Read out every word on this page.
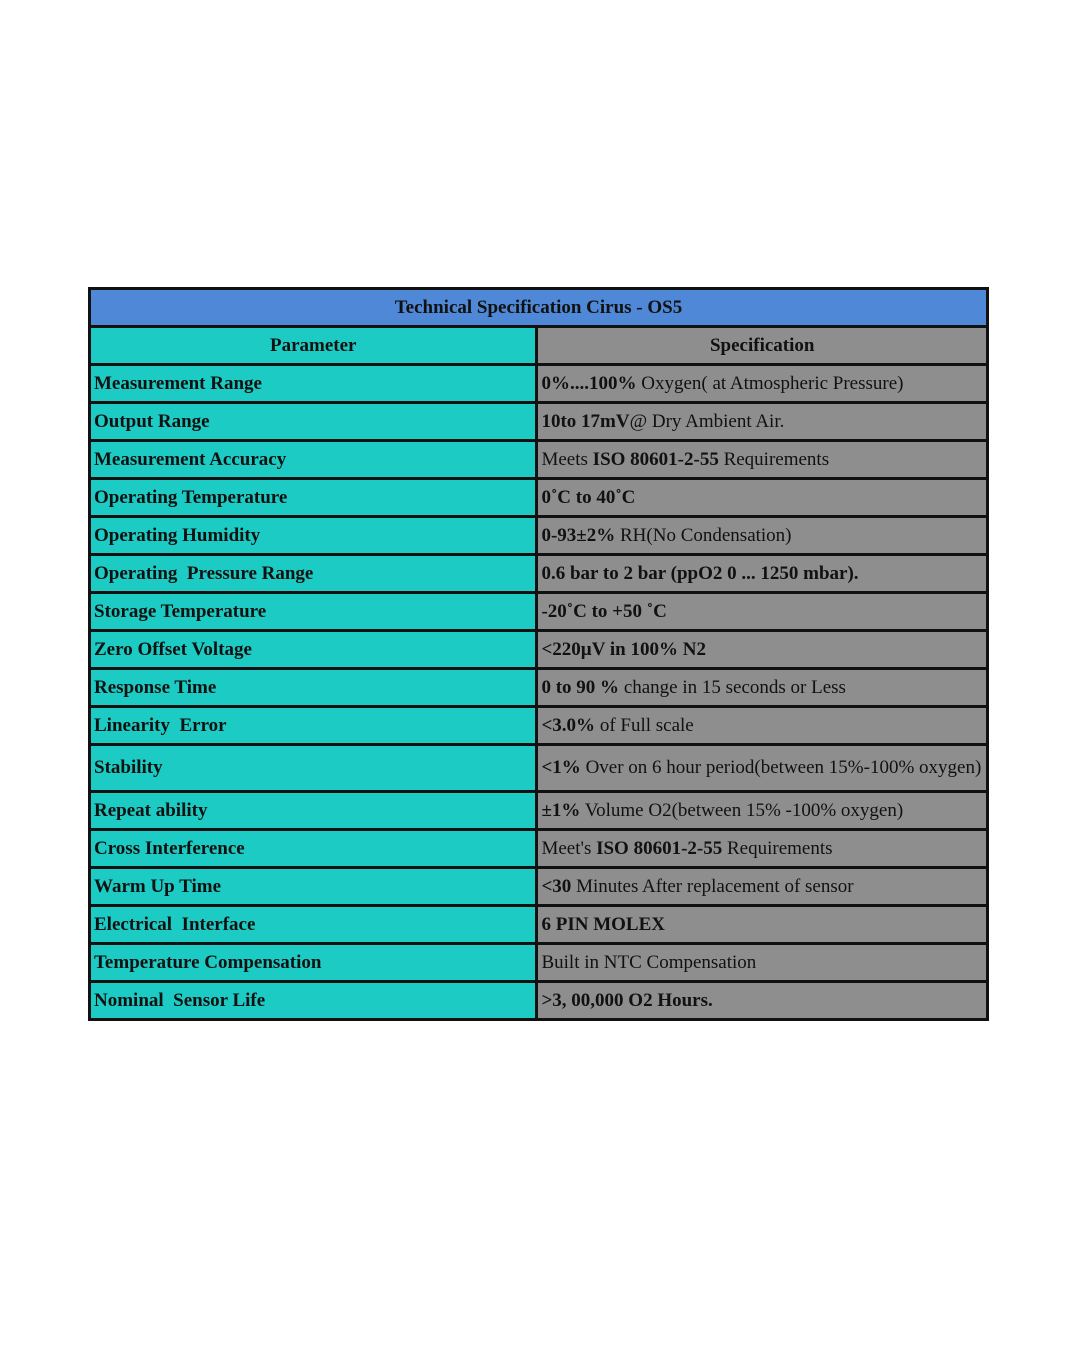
Technical Specification Cirus - OS5	
Parameter	Specification
Measurement Range	0%....100% Oxygen( at Atmospheric Pressure)
Output Range	10to 17mV@ Dry Ambient Air.
Measurement Accuracy	Meets ISO 80601-2-55 Requirements
Operating Temperature	0˚C to 40˚C
Operating Humidity	0-93±2% RH(No Condensation)
Operating  Pressure Range	0.6 bar to 2 bar (ppO2 0 ... 1250 mbar).
Storage Temperature	-20˚C to +50 ˚C
Zero Offset Voltage	<220µV in 100% N2
Response Time	0 to 90 % change in 15 seconds or Less
Linearity  Error	<3.0% of Full scale
Stability	<1% Over on 6 hour period(between 15%-100% oxygen)
Repeat ability	±1% Volume O2(between 15% -100% oxygen)
Cross Interference	Meet's ISO 80601-2-55 Requirements
Warm Up Time	<30 Minutes After replacement of sensor
Electrical  Interface	6 PIN MOLEX
Temperature Compensation	Built in NTC Compensation
Nominal  Sensor Life	>3, 00,000 O2 Hours.
